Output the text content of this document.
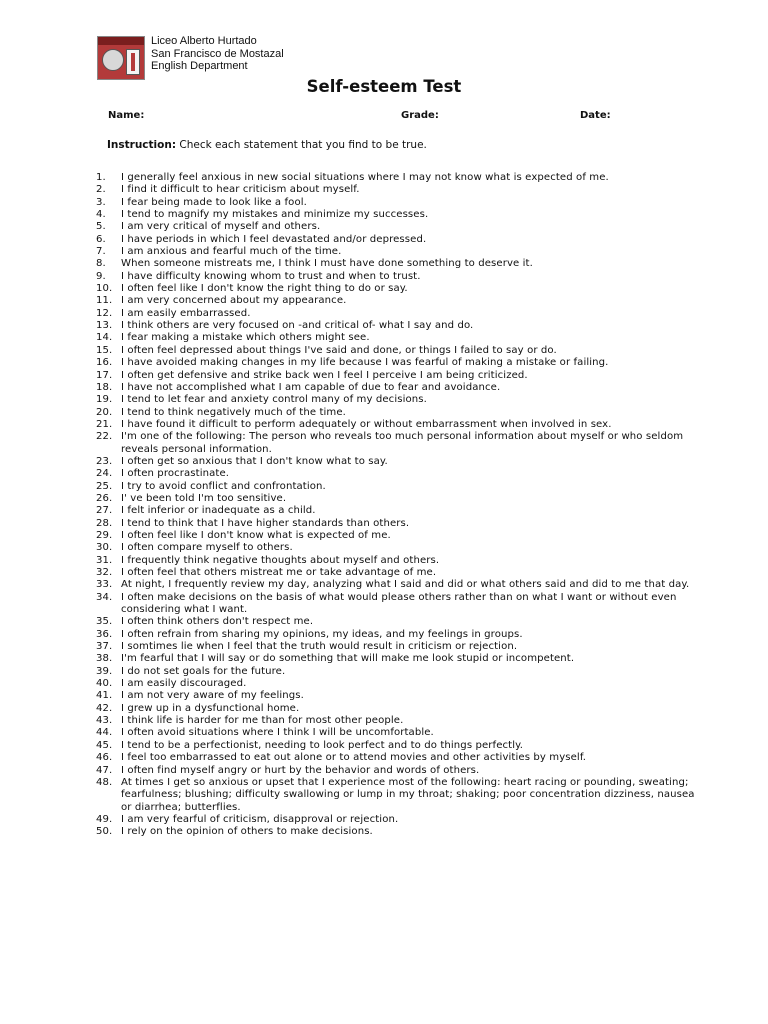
Liceo Alberto Hurtado
San Francisco de Mostazal
English Department
Self-esteem Test
Name:	Grade:	Date:
Instruction: Check each statement that you find to be true.
1.	I generally feel anxious in new social situations where I may not know what is expected of me.
2.	I find it difficult to hear criticism about myself.
3.	I fear being made to look like a fool.
4.	I tend to magnify my mistakes and minimize my successes.
5.	I am very critical of myself and others.
6.	I have periods in which I feel devastated and/or depressed.
7.	I am anxious and fearful much of the time.
8.	When someone mistreats me, I think I must have done something to deserve it.
9.	I have difficulty knowing whom to trust and when to trust.
10. I often feel like I don't know the right thing to do or say.
11. I am very concerned about my appearance.
12. I am easily embarrassed.
13. I think others are very focused on -and critical of- what I say and do.
14. I fear making a mistake which others might see.
15. I often feel depressed about things I've said and done, or things I failed to say or do.
16. I have avoided making changes in my life because I was fearful of making a mistake or failing.
17. I often get defensive and strike back wen I feel I perceive I am being criticized.
18. I have not accomplished what I am capable of due to fear and avoidance.
19. I tend to let fear and anxiety control many of my decisions.
20. I tend to think negatively much of the time.
21. I have found it difficult to perform adequately or without embarrassment when involved in sex.
22. I'm one of the following: The person who reveals too much personal information about myself or who seldom reveals personal information.
23. I often get so anxious that I don't know what to say.
24. I often procrastinate.
25. I try to avoid conflict and confrontation.
26. I' ve been told I'm too sensitive.
27. I felt inferior or inadequate as a child.
28. I tend to think that I have higher standards than others.
29. I often feel like I don't know what is expected of me.
30. I often compare myself to others.
31. I frequently think negative thoughts about myself and others.
32. I often feel that others mistreat me or take advantage of me.
33. At night, I frequently review my day, analyzing what I said and did or what others said and did to me that day.
34. I often make decisions on the basis of what would please others rather than on what I want or without even considering what I want.
35. I often think others don't respect me.
36. I often refrain from sharing my opinions, my ideas, and my feelings in groups.
37. I somtimes lie when I feel that the truth would result in criticism or rejection.
38. I'm fearful that I will say or do something that will make me look stupid or incompetent.
39. I do not set goals for the future.
40. I am easily discouraged.
41. I am not very aware of my feelings.
42. I grew up in a dysfunctional home.
43. I think life is harder for me than for most other people.
44. I often avoid situations where I think I will be uncomfortable.
45. I tend to be a perfectionist, needing to look perfect and to do things perfectly.
46. I feel too embarrassed to eat out alone or to attend movies and other activities by myself.
47. I often find myself angry or hurt by the behavior and words of others.
48. At times I get so anxious or upset that I experience most of the following: heart racing or pounding, sweating; fearfulness; blushing; difficulty swallowing or lump in my throat; shaking; poor concentration dizziness, nausea or diarrhea; butterflies.
49. I am very fearful of criticism, disapproval or rejection.
50. I rely on the opinion of others to make decisions.
